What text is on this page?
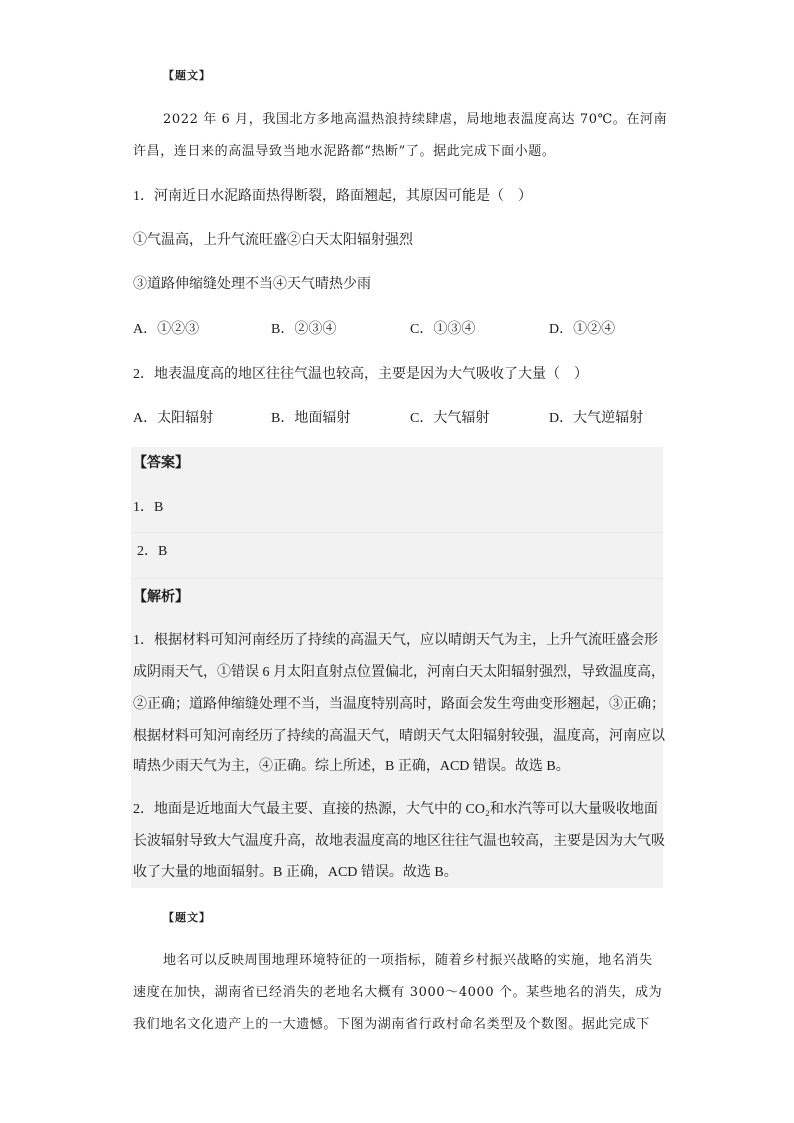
【题文】
2022 年 6 月，我国北方多地高温热浪持续肆虐，局地地表温度高达 70℃。在河南
许昌，连日来的高温导致当地水泥路都“热断”了。据此完成下面小题。
1．河南近日水泥路面热得断裂，路面翘起，其原因可能是（　）
①气温高，上升气流旺盛②白天太阳辐射强烈
③道路伸缩缝处理不当④天气晴热少雨
A．①②③	B．②③④	C．①③④	D．①②④
2．地表温度高的地区往往气温也较高，主要是因为大气吸收了大量（　）
A．太阳辐射	B．地面辐射	C．大气辐射	D．大气逆辐射
【答案】
1．B
2．B
【解析】
1．根据材料可知河南经历了持续的高温天气，应以晴朗天气为主，上升气流旺盛会形
成阴雨天气，①错误 6 月太阳直射点位置偏北，河南白天太阳辐射强烈，导致温度高，
②正确；道路伸缩缝处理不当，当温度特别高时，路面会发生弯曲变形翘起，③正确；
根据材料可知河南经历了持续的高温天气，晴朗天气太阳辐射较强，温度高，河南应以
晴热少雨天气为主，④正确。综上所述，B 正确，ACD 错误。故选 B。
2．地面是近地面大气最主要、直接的热源，大气中的 CO₂和水汽等可以大量吸收地面
长波辐射导致大气温度升高，故地表温度高的地区往往气温也较高，主要是因为大气吸
收了大量的地面辐射。B 正确，ACD 错误。故选 B。
【题文】
地名可以反映周围地理环境特征的一项指标，随着乡村振兴战略的实施，地名消失
速度在加快，湖南省已经消失的老地名大概有 3000～4000 个。某些地名的消失，成为
我们地名文化遗产上的一大遗憾。下图为湖南省行政村命名类型及个数图。据此完成下
